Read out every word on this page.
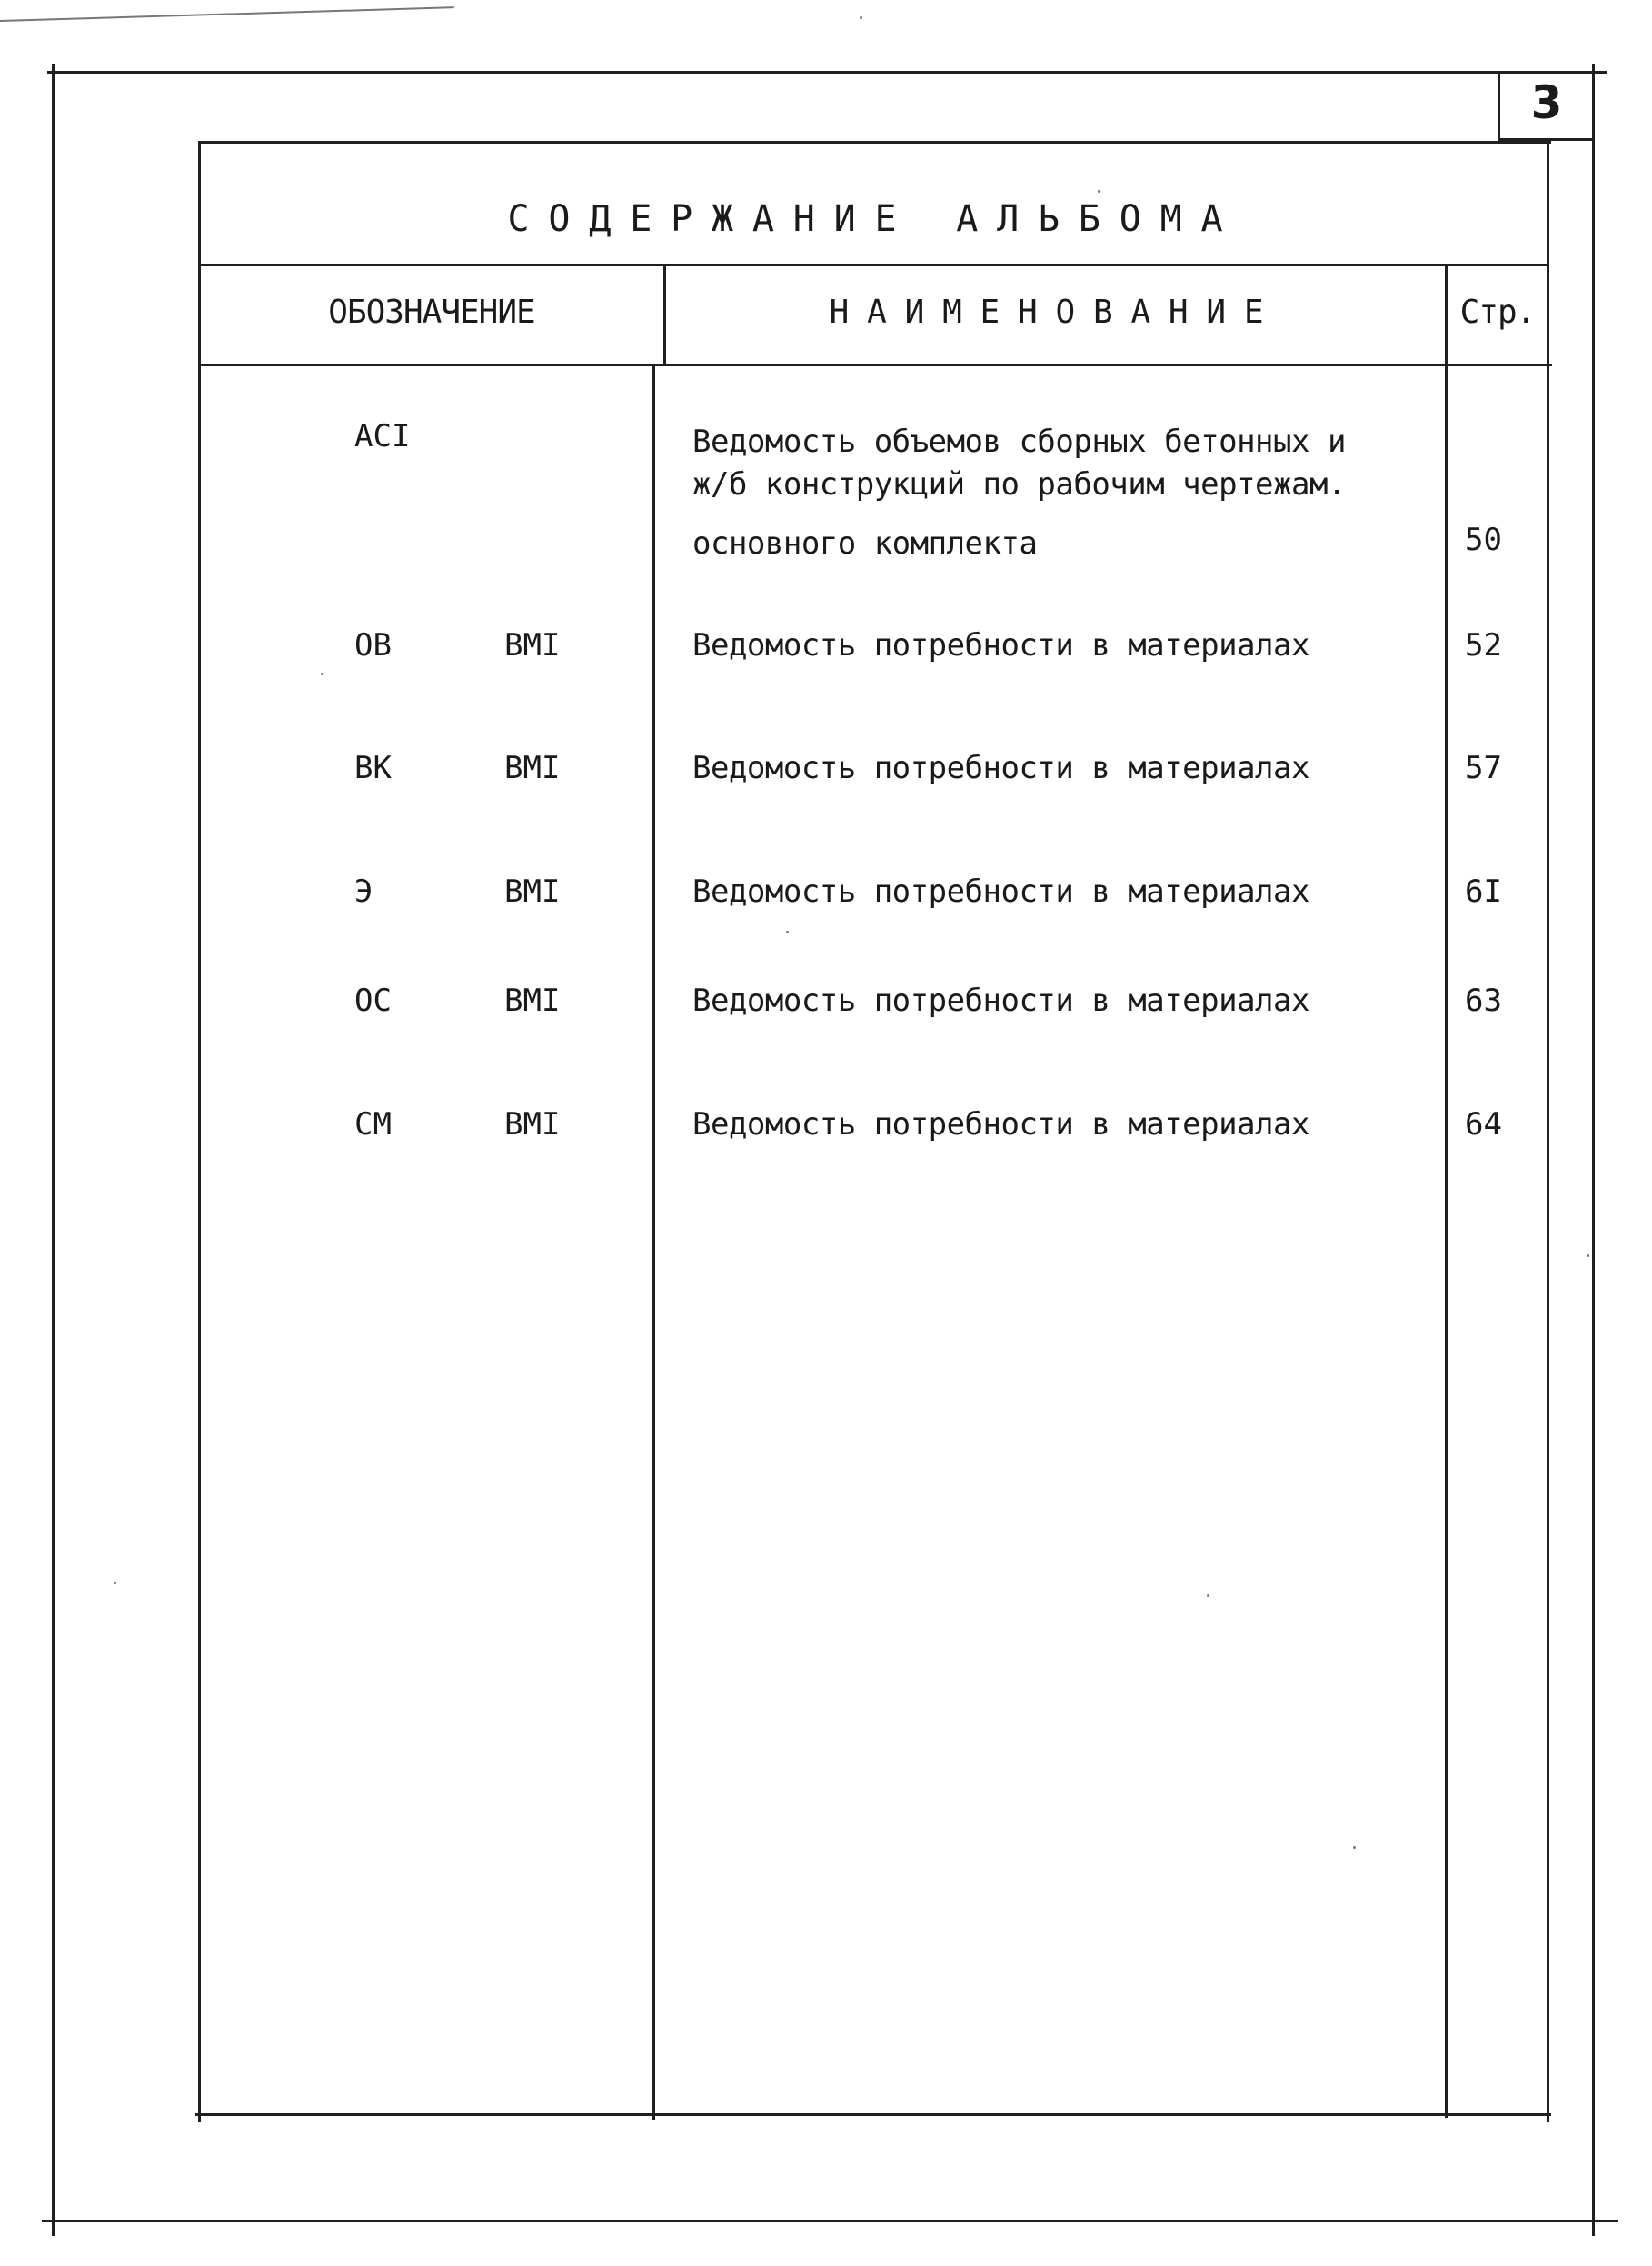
3
СОДЕРЖАНИЕ АЛЬБОМА
ОБОЗНАЧЕНИЕ	НАИМЕНОВАНИЕ	Стр.
АСI	Ведомость объемов сборных бетонных и
ж/б конструкций по рабочим чертежам.
основного комплекта	50
ОВ	ВМI	Ведомость потребности в материалах	52
ВК	ВМI	Ведомость потребности в материалах	57
Э	ВМI	Ведомость потребности в материалах	6I
ОС	ВМI	Ведомость потребности в материалах	63
СМ	ВМI	Ведомость потребности в материалах	64
